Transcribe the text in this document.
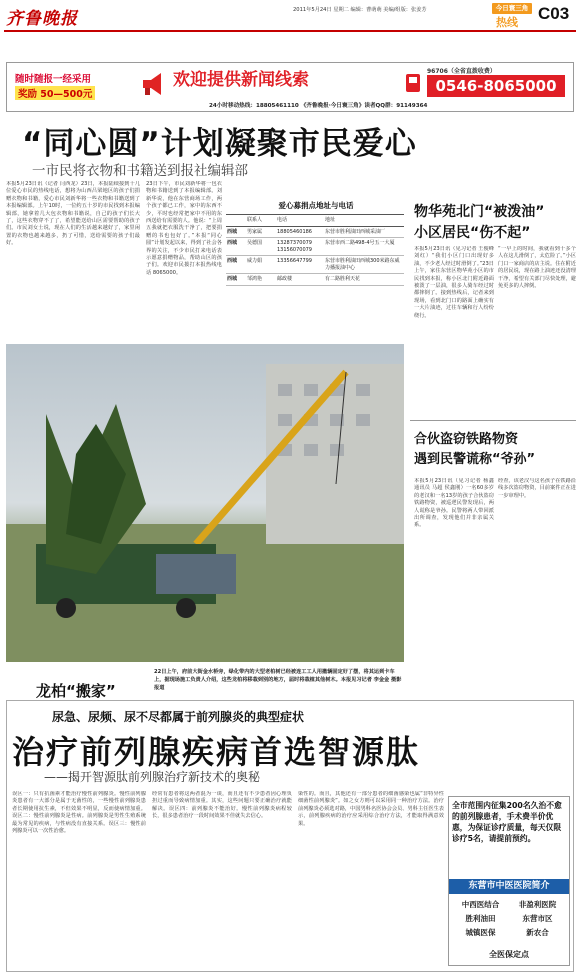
齐鲁晚报	2011年5月24日 星期二 编辑：曹萌萌 美编/组版：张姜芳	今日寰三角
热线 C03
随时随报一经采用
奖励 50—500元
欢迎提供新闻线索
24小时移动热线：18805461110 《齐鲁晚报·今日寰三角》读者QQ群：91149364
96706（全省直拨收费）
0546-8065000
“同心圆”计划凝聚市民爱心
一市民将衣物和书籍送到报社编辑部
本报5月23日讯（记者 闫西龙）23日，本报陆续接到十几位爱心市民的热线电话，想将为山西吕梁地区的孩子们捐赠衣物和书籍，爱心市民刘新华将一些衣物和书籍送到了本报编辑部。上午10时，一位约五十岁的市民找到本报编辑部，她拿着几大包衣物和书籍说，自己的孩子们长大了，这些衣物穿不了了，希望能送给山区需要帮助的孩子们。市民刘女士说，现在人们的生活越来越好了，家里闲置的衣物也越来越多，扔了可惜，送给需要的孩子们最好。
23日下午，市民刘新华将一包衣物和书籍送到了本报编辑部。刘新华说，他在东营商场工作，两个孩子都已工作，家中的东西不少，平时也经常把家中不用的东西送给有需要的人。他说：“上周五我就把衣服洗干净了，把要捐赠的书也包好了。”本报“同心圆”计划发起以来，得到了社会各界的关注，不少市民打来电话表示愿意捐赠物品，帮助山区的孩子们。欢迎市民拨打本报热线电话 8065000。
爱心募捐点地址与电话
	联系人	电话	地址
西城	男家属	18805460186	东营市胜利油田西城采油厂
西城	吴德国	13287370079 13156070079	东营市西二路498-4号五一大厦
西城	威力娟	13356647799	东营市胜利油田西城300米路东威力播报油中心
西城	邹鸿艳	邮政楼	有二路胜利天花
物华苑北门“被泼油”
小区居民“伤不起”
本报5月23日讯（见习记者 王俊峰 刘红）“我们小区门口出现好多油，不少老人经过时滑倒了。”23日上午，家住东营区物华苑小区的市民找到本报，称小区北门附近路面被泼了一层油，很多人骑车经过时都摔倒了。接到热线后，记者来到现场，看到北门口的路面上确实有一大片油迹，过往车辆和行人纷纷绕行。
“一早上的时间，我就看到十多个人在这儿滑倒了，太危险了。”小区门口一家商店的店主说。住在附近的居民说，现在路上油迹还没清理干净，希望有关部门尽快处理，避免更多的人摔倒。
合伙盗窃铁路物资
遇到民警谎称“爷孙”
本报5月23日讯（见习记者 杨鑫 通讯员 马超 侯鑫刚）一名60多岁的老汉和一名13岁的孩子合伙盗窃铁路物资，被巡逻民警发现后，两人谎称是爷孙。民警将两人带回派出所调查，发现他们并非亲属关系。
经查，该老汉与这名孩子在铁路沿线多次盗窃物资，目前案件正在进一步审理中。
龙柏“搬家”
22日上午，府前大街金水桥旁，绿化带内的大型老柏树已经被连工工人用撤辆固定好了摆，将其运到卡车上，据现场施工负责人介绍，这些龙柏将移栽到别的地方，届时将栽植其他树木。本报见习记者 李金金 摄影报道
尿急、尿频、尿不尽都属于前列腺炎的典型症状
治疗前列腺疾病首选智源肽
——揭开智源肽前列腺治疗新技术的奥秘
误区一：只有抗菌素才能治疗慢性前列腺炎。慢性前列腺炎患者有一大部分是属于无菌性的，一些慢性前列腺炎患者长期使用抗生素，不但效果不明显，反而使病情加重。误区二：慢性前列腺炎是性病。前列腺炎是男性生殖系统最为常见的疾病，与性病没有直接关系。误区三：慢性前列腺炎可以一次性治愈。
经常有患者将这两者混为一谈，而且还有不少患者因心理负担过重而导致病情加重。其实，这些问题只要正确治疗就能解决。误区四：前列腺炎不能治好。慢性前列腺炎病程较长，很多患者治疗一段时间效果不佳就失去信心。
染性的。而且，其他还有一部分患者的细菌感染也属“非特异性细菌性前列腺炎”。如之女方则可以采用同一种治疗方法。治疗前列腺炎必须选对路，中国男科名医协会会员、男科主任医生表示，前列腺疾病的治疗应采用综合治疗方法，才能取得满意效果。
全市范围内征集200名久治不愈的前列腺患者，手术费半价优惠，为保证诊疗质量，每天仅限诊疗5名，请提前预约。
东营市中医医院简介
中西医结合	非盈利医院
胜利油田	东营市区
城镇医保	新农合
全医保定点
